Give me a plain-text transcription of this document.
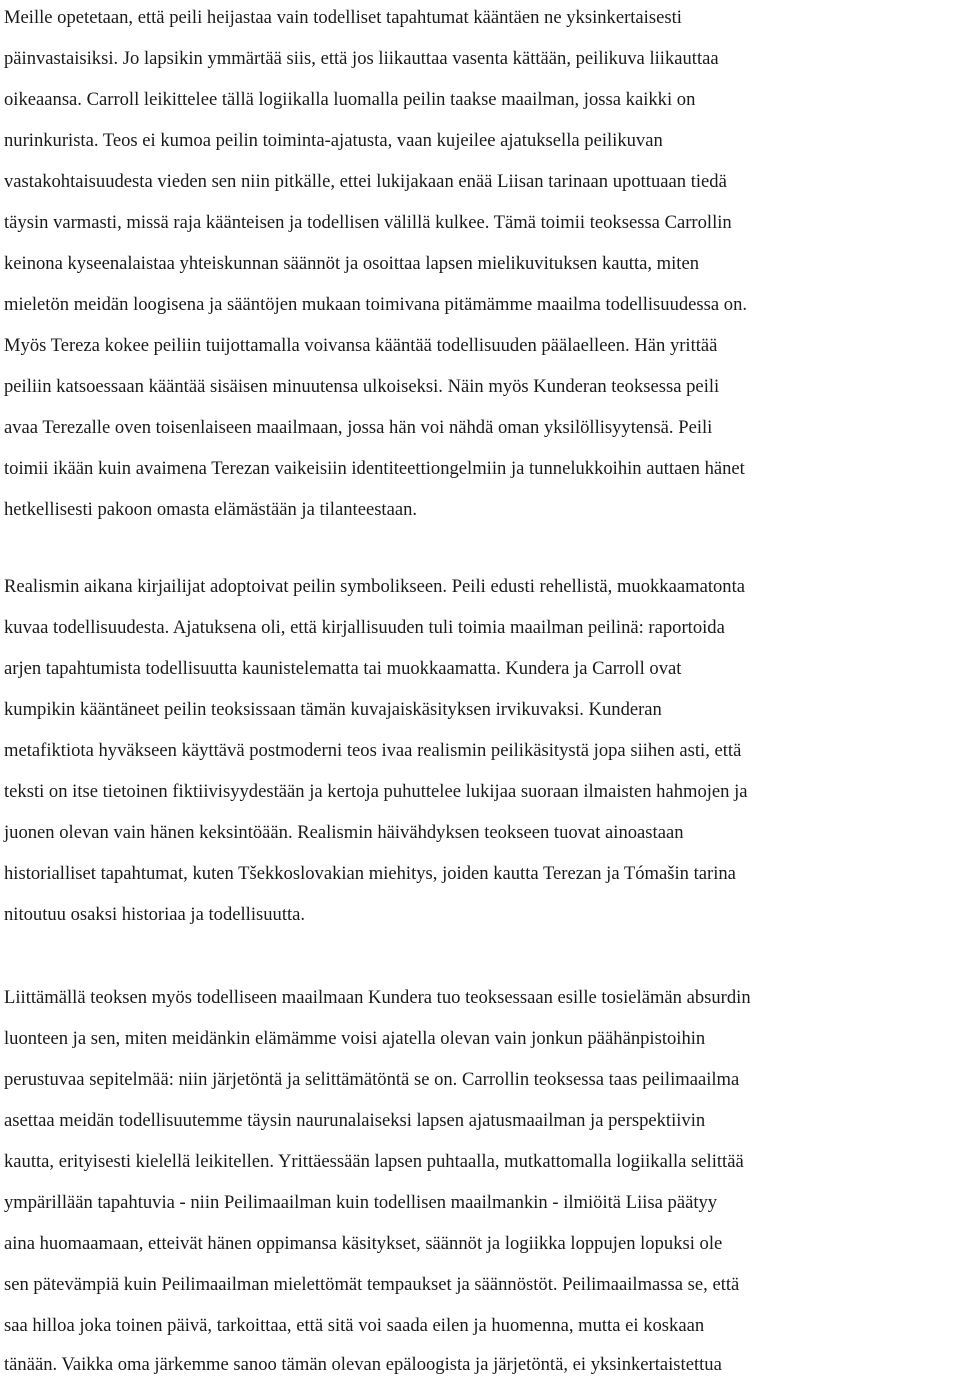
Meille opetetaan, että peili heijastaa vain todelliset tapahtumat kääntäen ne yksinkertaisesti
päinvastaisiksi. Jo lapsikin ymmärtää siis, että jos liikauttaa vasenta kättään, peilikuva liikauttaa
oikeaansa. Carroll leikittelee tällä logiikalla luomalla peilin taakse maailman, jossa kaikki on
nurinkurista. Teos ei kumoa peilin toiminta-ajatusta, vaan kujeilee ajatuksella peilikuvan
vastakohtaisuudesta vieden sen niin pitkälle, ettei lukijakaan enää Liisan tarinaan upottuaan tiedä
täysin varmasti, missä raja käänteisen ja todellisen välillä kulkee. Tämä toimii teoksessa Carrollin
keinona kyseenalaistaa yhteiskunnan säännöt ja osoittaa lapsen mielikuvituksen kautta, miten
mieletön meidän loogisena ja sääntöjen mukaan toimivana pitämämme maailma todellisuudessa on.
Myös Tereza kokee peiliin tuijottamalla voivansa kääntää todellisuuden päälaelleen. Hän yrittää
peiliin katsoessaan kääntää sisäisen minuutensa ulkoiseksi. Näin myös Kunderan teoksessa peili
avaa Terezalle oven toisenlaiseen maailmaan, jossa hän voi nähdä oman yksilöllisyytensä. Peili
toimii ikään kuin avaimena Terezan vaikeisiin identiteettiongelmiin ja tunnelukkoihin auttaen hänet
hetkellisesti pakoon omasta elämästään ja tilanteestaan.
Realismin aikana kirjailijat adoptoivat peilin symbolikseen. Peili edusti rehellistä, muokkaamatonta
kuvaa todellisuudesta. Ajatuksena oli, että kirjallisuuden tuli toimia maailman peilinä: raportoida
arjen tapahtumista todellisuutta kaunistelematta tai muokkaamatta. Kundera ja Carroll ovat
kumpikin kääntäneet peilin teoksissaan tämän kuvajaiskäsityksen irvikuvaksi. Kunderan
metafiktiota hyväkseen käyttävä postmoderni teos ivaa realismin peilikäsitystä jopa siihen asti, että
teksti on itse tietoinen fiktiivisyydestään ja kertoja puhuttelee lukijaa suoraan ilmaisten hahmojen ja
juonen olevan vain hänen keksintöään. Realismin häivähdyksen teokseen tuovat ainoastaan
historialliset tapahtumat, kuten Tšekkoslovakian miehitys, joiden kautta Terezan ja Tómašin tarina
nitoutuu osaksi historiaa ja todellisuutta.
Liittämällä teoksen myös todelliseen maailmaan Kundera tuo teoksessaan esille tosielämän absurdin
luonteen ja sen, miten meidänkin elämämme voisi ajatella olevan vain jonkun päähänpistoihin
perustuvaa sepitelmää: niin järjetöntä ja selittämätöntä se on. Carrollin teoksessa taas peilimaailma
asettaa meidän todellisuutemme täysin naurunalaiseksi lapsen ajatusmaailman ja perspektiivin
kautta, erityisesti kielellä leikitellen. Yrittäessään lapsen puhtaalla, mutkattomalla logiikalla selittää
ympärillään tapahtuvia - niin Peilimaailman kuin todellisen maailmankin - ilmiöitä Liisa päätyy
aina huomaamaan, etteivät hänen oppimansa käsitykset, säännöt ja logiikka loppujen lopuksi ole
sen pätevämpiä kuin Peilimaailman mielettömät tempaukset ja säännöstöt. Peilimaailmassa se, että
saa hilloa joka toinen päivä, tarkoittaa, että sitä voi saada eilen ja huomenna, mutta ei koskaan
tänään. Vaikka oma järkemme sanoo tämän olevan epäloogista ja järjetöntä, ei yksinkertaistettua
